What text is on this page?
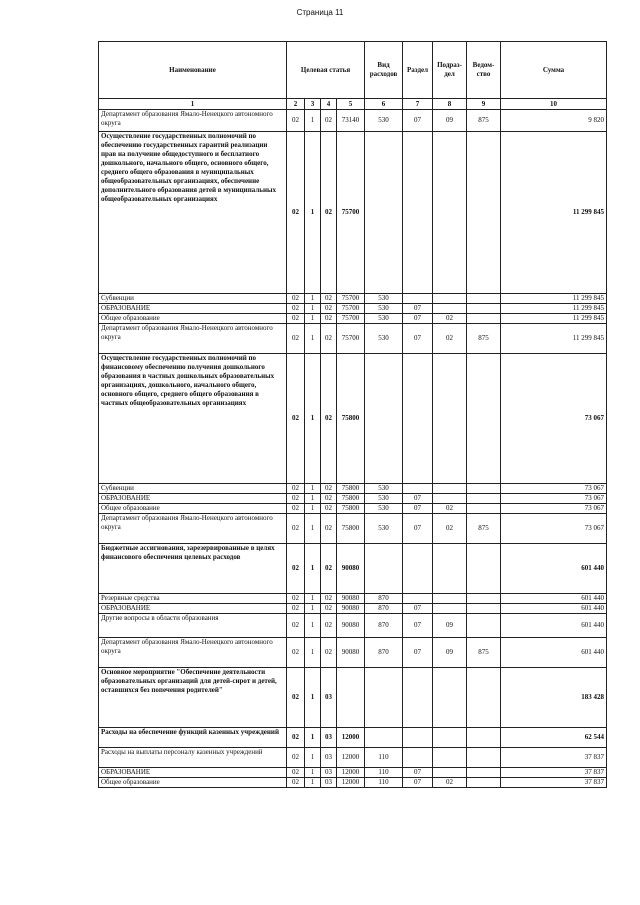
Страница 11
Наименование	Целевая статья				Вид расходов	Раздел	Подраз-дел	Ведом-ство	Сумма
1	2	3	4	5	6	7	8	9	10
Департамент образования Ямало-Ненецкого автономного округа	02	1	02	73140	530	07	09	875	9 820
Осуществление государственных полномочий по обеспечению государственных гарантий реализации прав на получение общедоступного и бесплатного дошкольного, начального общего, основного общего, среднего общего образования в муниципальных общеобразовательных организациях, обеспечение дополнительного образования детей в муниципальных общеобразовательных организациях	02	1	02	75700					11 299 845
Субвенции	02	1	02	75700	530				11 299 845
ОБРАЗОВАНИЕ	02	1	02	75700	530	07			11 299 845
Общее образование	02	1	02	75700	530	07	02		11 299 845
Департамент образования Ямало-Ненецкого автономного округа	02	1	02	75700	530	07	02	875	11 299 845
Осуществление государственных полномочий по финансовому обеспечению получения дошкольного образования в частных дошкольных образовательных организациях, дошкольного, начального общего, основного общего, среднего общего образования в частных общеобразовательных организациях	02	1	02	75800					73 067
Субвенции	02	1	02	75800	530				73 067
ОБРАЗОВАНИЕ	02	1	02	75800	530	07			73 067
Общее образование	02	1	02	75800	530	07	02		73 067
Департамент образования Ямало-Ненецкого автономного округа	02	1	02	75800	530	07	02	875	73 067
Бюджетные ассигнования, зарезервированные в целях финансового обеспечения целевых расходов	02	1	02	90080					601 440
Резервные средства	02	1	02	90080	870				601 440
ОБРАЗОВАНИЕ	02	1	02	90080	870	07			601 440
Другие вопросы в области образования	02	1	02	90080	870	07	09		601 440
Департамент образования Ямало-Ненецкого автономного округа	02	1	02	90080	870	07	09	875	601 440
Основное мероприятие "Обеспечение деятельности образовательных организаций для детей-сирот и детей, оставшихся без попечения родителей"	02	1	03						183 428
Расходы на обеспечение функций казенных учреждений	02	1	03	12000					62 544
Расходы на выплаты персоналу казенных учреждений	02	1	03	12000	110				37 837
ОБРАЗОВАНИЕ	02	1	03	12000	110	07			37 837
Общее образование	02	1	03	12000	110	07	02		37 837
